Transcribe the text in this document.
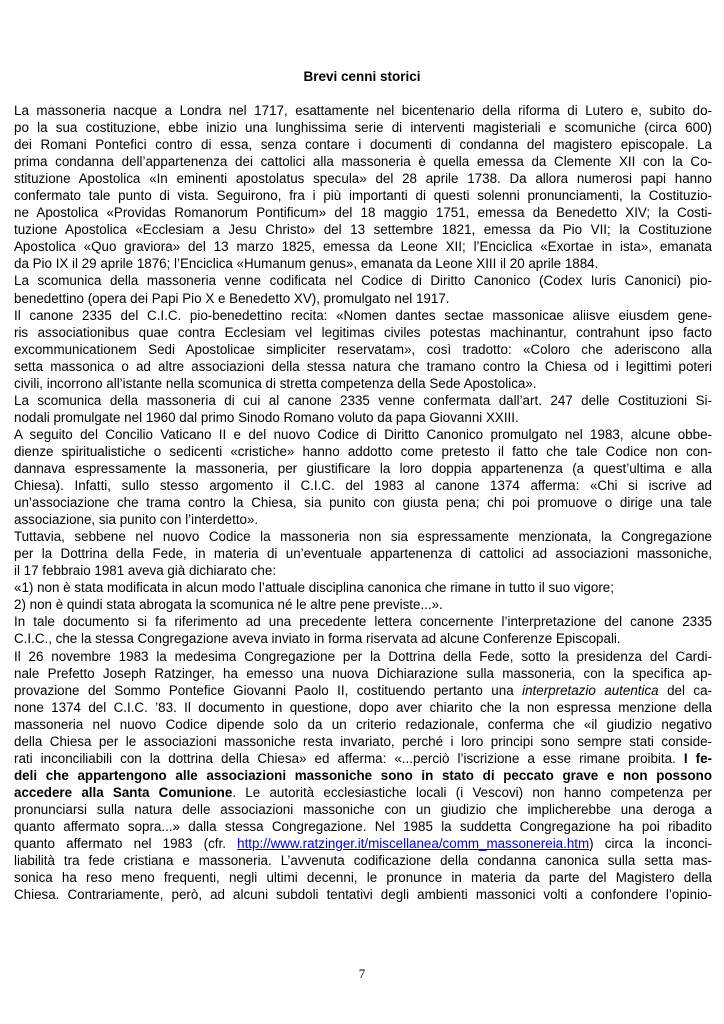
Brevi cenni storici
La massoneria nacque a Londra nel 1717, esattamente nel bicentenario della riforma di Lutero e, subito do-
po la sua costituzione, ebbe inizio una lunghissima serie di interventi magisteriali e scomuniche (circa 600)
dei Romani Pontefici contro di essa, senza contare i documenti di condanna del magistero episcopale. La
prima condanna dell’appartenenza dei cattolici alla massoneria è quella emessa da Clemente XII con la Co-
stituzione Apostolica «In eminenti apostolatus specula» del 28 aprile 1738. Da allora numerosi papi hanno
confermato tale punto di vista. Seguirono, fra i più importanti di questi solenni pronunciamenti, la Costituzio-
ne Apostolica «Providas Romanorum Pontificum» del 18 maggio 1751, emessa da Benedetto XIV; la Costi-
tuzione Apostolica «Ecclesiam a Jesu Christo» del 13 settembre 1821, emessa da Pio VII; la Costituzione
Apostolica «Quo graviora» del 13 marzo 1825, emessa da Leone XII; l’Enciclica «Exortae in ista», emanata
da Pio IX il 29 aprile 1876; l’Enciclica «Humanum genus», emanata da Leone XIII il 20 aprile 1884.
La scomunica della massoneria venne codificata nel Codice di Diritto Canonico (Codex Iuris Canonici) pio-
benedettino (opera dei Papi Pio X e Benedetto XV), promulgato nel 1917.
Il canone 2335 del C.I.C. pio-benedettino recita: «Nomen dantes sectae massonicae aliisve eiusdem gene-
ris associationibus quae contra Ecclesiam vel legitimas civiles potestas machinantur, contrahunt ipso facto
excommunicationem Sedi Apostolicae simpliciter reservatam», così tradotto: «Coloro che aderiscono alla
setta massonica o ad altre associazioni della stessa natura che tramano contro la Chiesa od i legittimi poteri
civili, incorrono all’istante nella scomunica di stretta competenza della Sede Apostolica».
La scomunica della massoneria di cui al canone 2335 venne confermata dall’art. 247 delle Costituzioni Si-
nodali promulgate nel 1960 dal primo Sinodo Romano voluto da papa Giovanni XXIII.
A seguito del Concilio Vaticano II e del nuovo Codice di Diritto Canonico promulgato nel 1983, alcune obbe-
dienze spiritualistiche o sedicenti «cristiche» hanno addotto come pretesto il fatto che tale Codice non con-
dannava espressamente la massoneria, per giustificare la loro doppia appartenenza (a quest’ultima e alla
Chiesa). Infatti, sullo stesso argomento il C.I.C. del 1983 al canone 1374 afferma: «Chi si iscrive ad
un’associazione che trama contro la Chiesa, sia punito con giusta pena; chi poi promuove o dirige una tale
associazione, sia punito con l’interdetto».
Tuttavia, sebbene nel nuovo Codice la massoneria non sia espressamente menzionata, la Congregazione
per la Dottrina della Fede, in materia di un’eventuale appartenenza di cattolici ad associazioni massoniche,
il 17 febbraio 1981 aveva già dichiarato che:
«1) non è stata modificata in alcun modo l’attuale disciplina canonica che rimane in tutto il suo vigore;
2) non è quindi stata abrogata la scomunica né le altre pene previste...».
In tale documento si fa riferimento ad una precedente lettera concernente l’interpretazione del canone 2335
C.I.C., che la stessa Congregazione aveva inviato in forma riservata ad alcune Conferenze Episcopali.
Il 26 novembre 1983 la medesima Congregazione per la Dottrina della Fede, sotto la presidenza del Cardi-
nale Prefetto Joseph Ratzinger, ha emesso una nuova Dichiarazione sulla massoneria, con la specifica ap-
provazione del Sommo Pontefice Giovanni Paolo II, costituendo pertanto una interpretazio autentica del ca-
none 1374 del C.I.C. ’83. Il documento in questione, dopo aver chiarito che la non espressa menzione della
massoneria nel nuovo Codice dipende solo da un criterio redazionale, conferma che «il giudizio negativo
della Chiesa per le associazioni massoniche resta invariato, perché i loro principi sono sempre stati conside-
rati inconciliabili con la dottrina della Chiesa» ed afferma: «...perciò l’iscrizione a esse rimane proibita. I fe-
deli che appartengono alle associazioni massoniche sono in stato di peccato grave e non possono
accedere alla Santa Comunione. Le autorità ecclesiastiche locali (i Vescovi) non hanno competenza per
pronunciarsi sulla natura delle associazioni massoniche con un giudizio che implicherebbe una deroga a
quanto affermato sopra...» dalla stessa Congregazione. Nel 1985 la suddetta Congregazione ha poi ribadito
quanto affermato nel 1983 (cfr. http://www.ratzinger.it/miscellanea/comm_massonereia.htm) circa la inconci-
liabilità tra fede cristiana e massoneria. L’avvenuta codificazione della condanna canonica sulla setta mas-
sonica ha reso meno frequenti, negli ultimi decenni, le pronunce in materia da parte del Magistero della
Chiesa. Contrariamente, però, ad alcuni subdoli tentativi degli ambienti massonici volti a confondere l’opinio-
7
